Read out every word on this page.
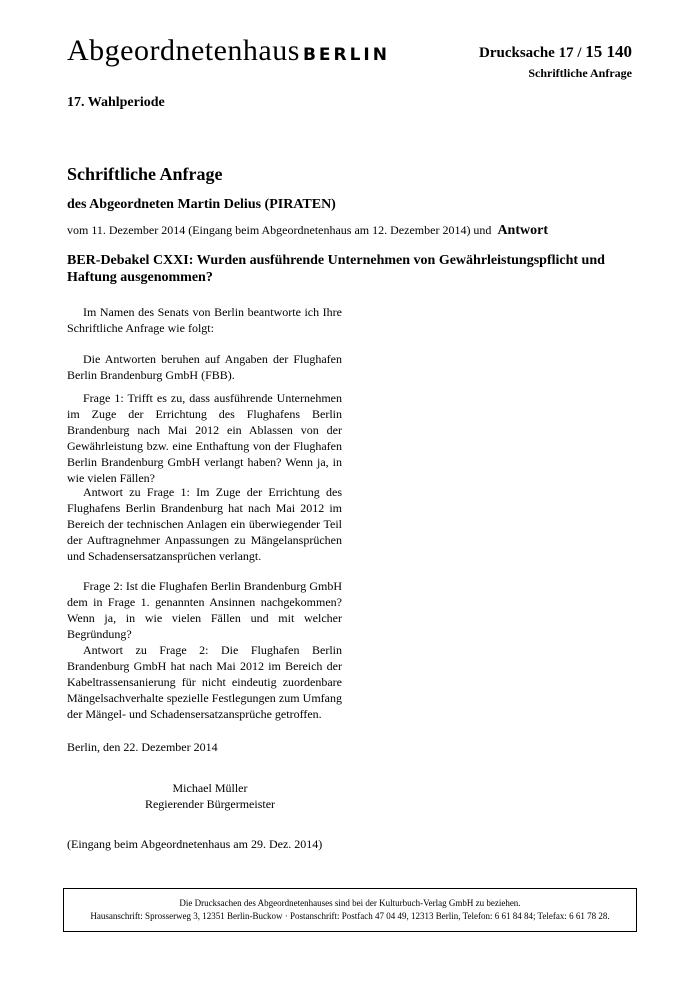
Abgeordnetenhaus BERLIN	Drucksache 17 / 15 140
Schriftliche Anfrage
17. Wahlperiode
Schriftliche Anfrage
des Abgeordneten Martin Delius (PIRATEN)
vom 11. Dezember 2014 (Eingang beim Abgeordnetenhaus am 12. Dezember 2014) und Antwort
BER-Debakel CXXI: Wurden ausführende Unternehmen von Gewährleistungspflicht und Haftung ausgenommen?

Im Namen des Senats von Berlin beantworte ich Ihre Schriftliche Anfrage wie folgt:

Die Antworten beruhen auf Angaben der Flughafen Berlin Brandenburg GmbH (FBB).

Frage 1: Trifft es zu, dass ausführende Unternehmen im Zuge der Errichtung des Flughafens Berlin Brandenburg nach Mai 2012 ein Ablassen von der Gewährleistung bzw. eine Enthaftung von der Flughafen Berlin Brandenburg GmbH verlangt haben? Wenn ja, in wie vielen Fällen?

Antwort zu Frage 1: Im Zuge der Errichtung des Flughafens Berlin Brandenburg hat nach Mai 2012 im Bereich der technischen Anlagen ein überwiegender Teil der Auftragnehmer Anpassungen zu Mängelansprüchen und Schadensersatzansprüchen verlangt.

Frage 2: Ist die Flughafen Berlin Brandenburg GmbH dem in Frage 1. genannten Ansinnen nachgekommen? Wenn ja, in wie vielen Fällen und mit welcher Begründung?

Antwort zu Frage 2: Die Flughafen Berlin Brandenburg GmbH hat nach Mai 2012 im Bereich der Kabeltrassensanierung für nicht eindeutig zuordenbare Mängelsachverhalte spezielle Festlegungen zum Umfang der Mängel- und Schadensersatzansprüche getroffen.

Berlin, den 22. Dezember 2014
Michael Müller
Regierender Bürgermeister
(Eingang beim Abgeordnetenhaus am 29. Dez. 2014)
Die Drucksachen des Abgeordnetenhauses sind bei der Kulturbuch-Verlag GmbH zu beziehen.
Hausanschrift: Sprosserweg 3, 12351 Berlin-Buckow · Postanschrift: Postfach 47 04 49, 12313 Berlin, Telefon: 6 61 84 84; Telefax: 6 61 78 28.
